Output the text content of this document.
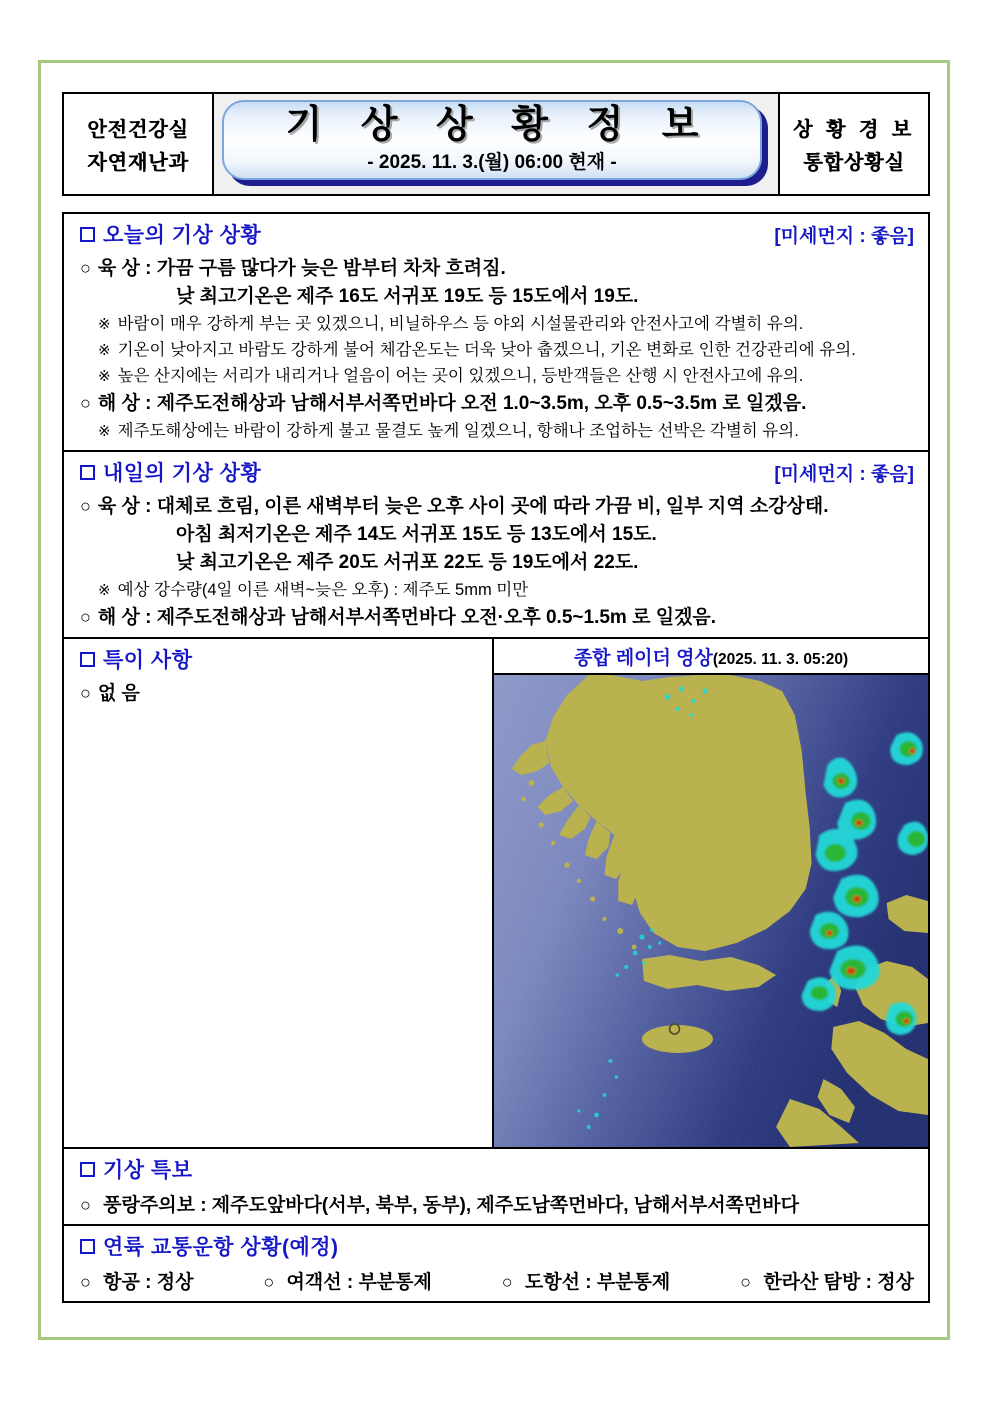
안전건강실
자연재난과
기 상 상 황 정 보
- 2025. 11. 3.(월) 06:00 현재 -
상 황 경 보
통합상황실
오늘의 기상 상황	[미세먼지 : 좋음]
○ 육 상 :
가끔 구름 많다가 늦은 밤부터 차차 흐려짐.
낮 최고기온은 제주 16도 서귀포 19도 등 15도에서 19도.
※ 바람이 매우 강하게 부는 곳 있겠으니, 비닐하우스 등 야외 시설물관리와 안전사고에 각별히 유의.
※ 기온이 낮아지고 바람도 강하게 불어 체감온도는 더욱 낮아 춥겠으니, 기온 변화로 인한 건강관리에 유의.
※ 높은 산지에는 서리가 내리거나 얼음이 어는 곳이 있겠으니, 등반객들은 산행 시 안전사고에 유의.
○ 해 상 :
제주도전해상과 남해서부서쪽먼바다 오전 1.0~3.5m, 오후 0.5~3.5m 로 일겠음.
※ 제주도해상에는 바람이 강하게 불고 물결도 높게 일겠으니, 항해나 조업하는 선박은 각별히 유의.
내일의 기상 상황	[미세먼지 : 좋음]
○ 육 상 :
대체로 흐림, 이른 새벽부터 늦은 오후 사이 곳에 따라 가끔 비, 일부 지역 소강상태.
아침 최저기온은 제주 14도 서귀포 15도 등 13도에서 15도.
낮 최고기온은 제주 20도 서귀포 22도 등 19도에서 22도.
※ 예상 강수량(4일 이른 새벽~늦은 오후) : 제주도 5mm 미만
○ 해 상 :
제주도전해상과 남해서부서쪽먼바다 오전·오후 0.5~1.5m 로 일겠음.
특이 사항
○ 없 음
종합 레이더 영상(2025. 11. 3. 05:20)
기상 특보
○ 풍랑주의보 : 제주도앞바다(서부, 북부, 동부), 제주도남쪽먼바다, 남해서부서쪽먼바다
연륙 교통운항 상황(예정)
○ 항공 : 정상	○ 여객선 : 부분통제	○ 도항선 : 부분통제	○ 한라산 탐방 : 정상
